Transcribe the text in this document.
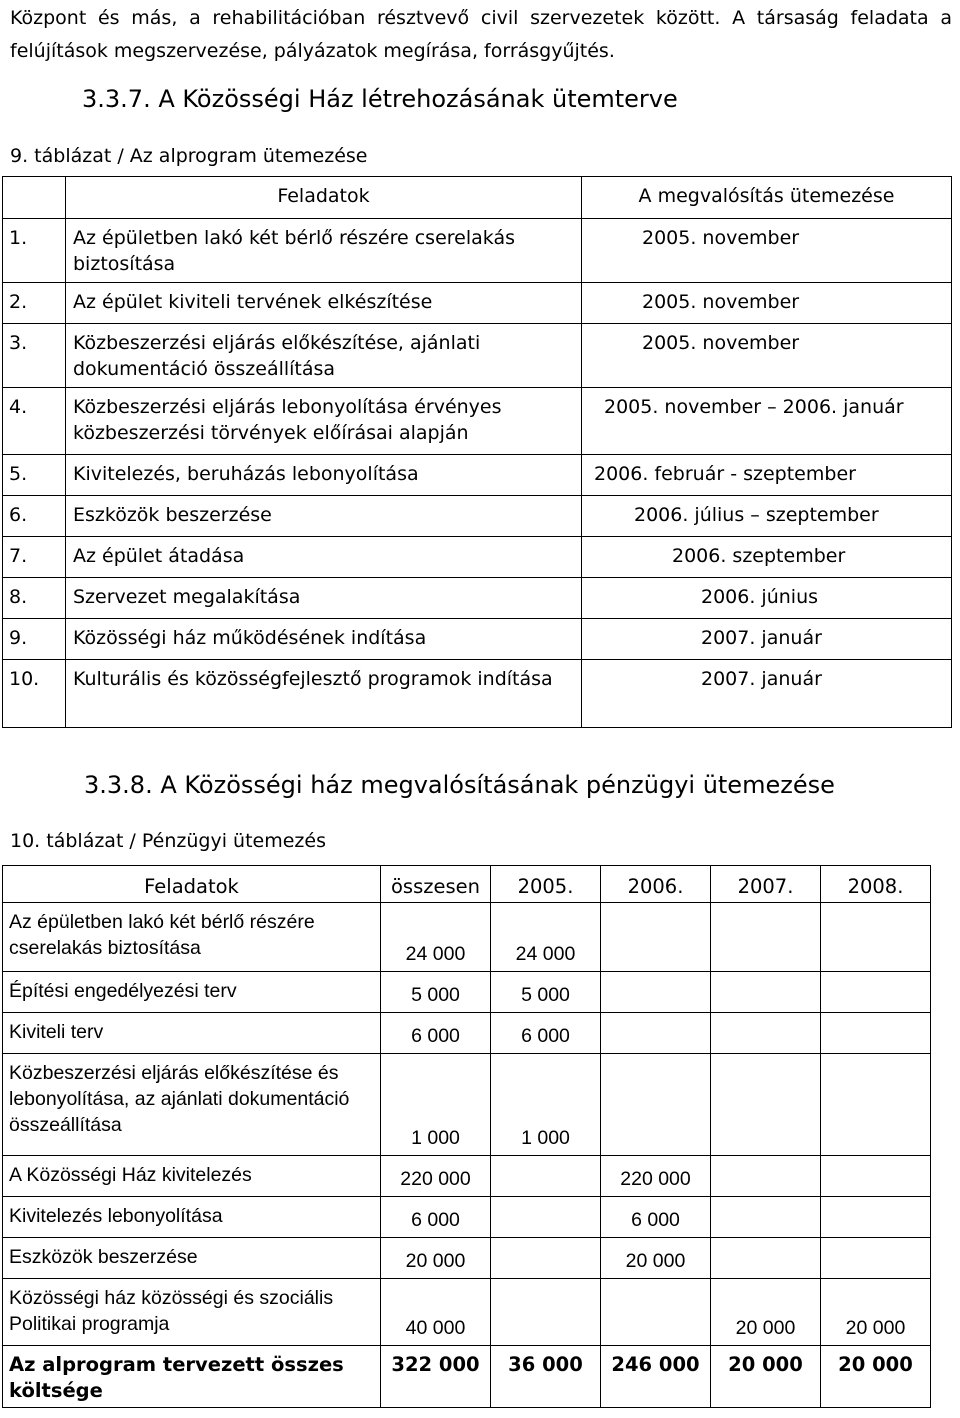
Központ és más, a rehabilitációban résztvevő civil szervezetek között. A társaság feladata a felújítások megszervezése, pályázatok megírása, forrásgyűjtés.
3.3.7. A Közösségi Ház létrehozásának ütemterve
9. táblázat / Az alprogram ütemezése
	Feladatok	A megvalósítás ütemezése
1.	Az épületben lakó két bérlő részére cserelakás biztosítása	2005. november
2.	Az épület kiviteli tervének elkészítése	2005. november
3.	Közbeszerzési eljárás előkészítése, ajánlati dokumentáció összeállítása	2005. november
4.	Közbeszerzési eljárás lebonyolítása érvényes közbeszerzési törvények előírásai alapján	2005. november – 2006. január
5.	Kivitelezés, beruházás lebonyolítása	2006. február - szeptember
6.	Eszközök beszerzése	2006. július – szeptember
7.	Az épület átadása	2006. szeptember
8.	Szervezet megalakítása	2006. június
9.	Közösségi ház működésének indítása	2007. január
10.	Kulturális és közösségfejlesztő programok indítása	2007. január
3.3.8. A Közösségi ház megvalósításának pénzügyi ütemezése
10. táblázat / Pénzügyi ütemezés
Feladatok	összesen	2005.	2006.	2007.	2008.
Az épületben lakó két bérlő részére cserelakás biztosítása	24 000	24 000			
Építési engedélyezési terv	5 000	5 000			
Kiviteli terv	6 000	6 000			
Közbeszerzési eljárás előkészítése és lebonyolítása, az ajánlati dokumentáció összeállítása	1 000	1 000			
A Közösségi Ház kivitelezés	220 000		220 000		
Kivitelezés lebonyolítása	6 000		6 000		
Eszközök beszerzése	20 000		20 000		
Közösségi ház közösségi és szociális Politikai programja	40 000			20 000	20 000
Az alprogram tervezett összes költsége	322 000	36 000	246 000	20 000	20 000
